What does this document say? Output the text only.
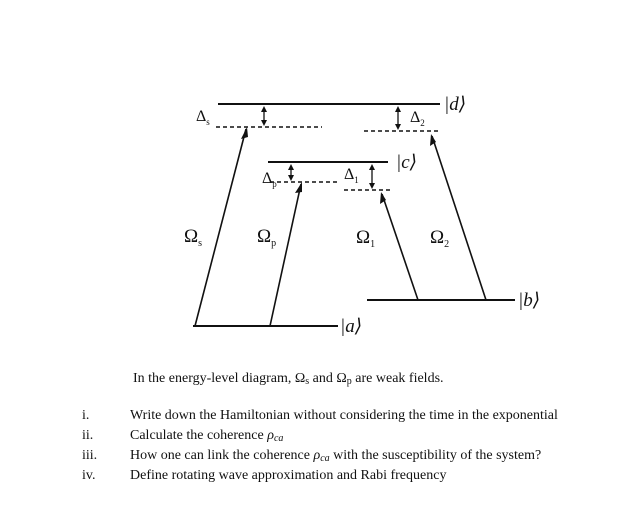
|d⟩
|c⟩
|a⟩
|b⟩
$\Delta_s$	$\Delta_2$
$\Delta_p$
$\Delta_1$
$\Omega_s$	$\Omega_p$	$\Omega_1$	$\Omega_2$
In the energy-level diagram, $\Omega_s$ and $\Omega_p$ are weak fields.
i.	Write down the Hamiltonian without considering the time in the exponential
ii.	Calculate the coherence $\rho_{ca}$
iii.	How one can link the coherence $\rho_{ca}$ with the susceptibility of the system?
iv.	Define rotating wave approximation and Rabi frequency
